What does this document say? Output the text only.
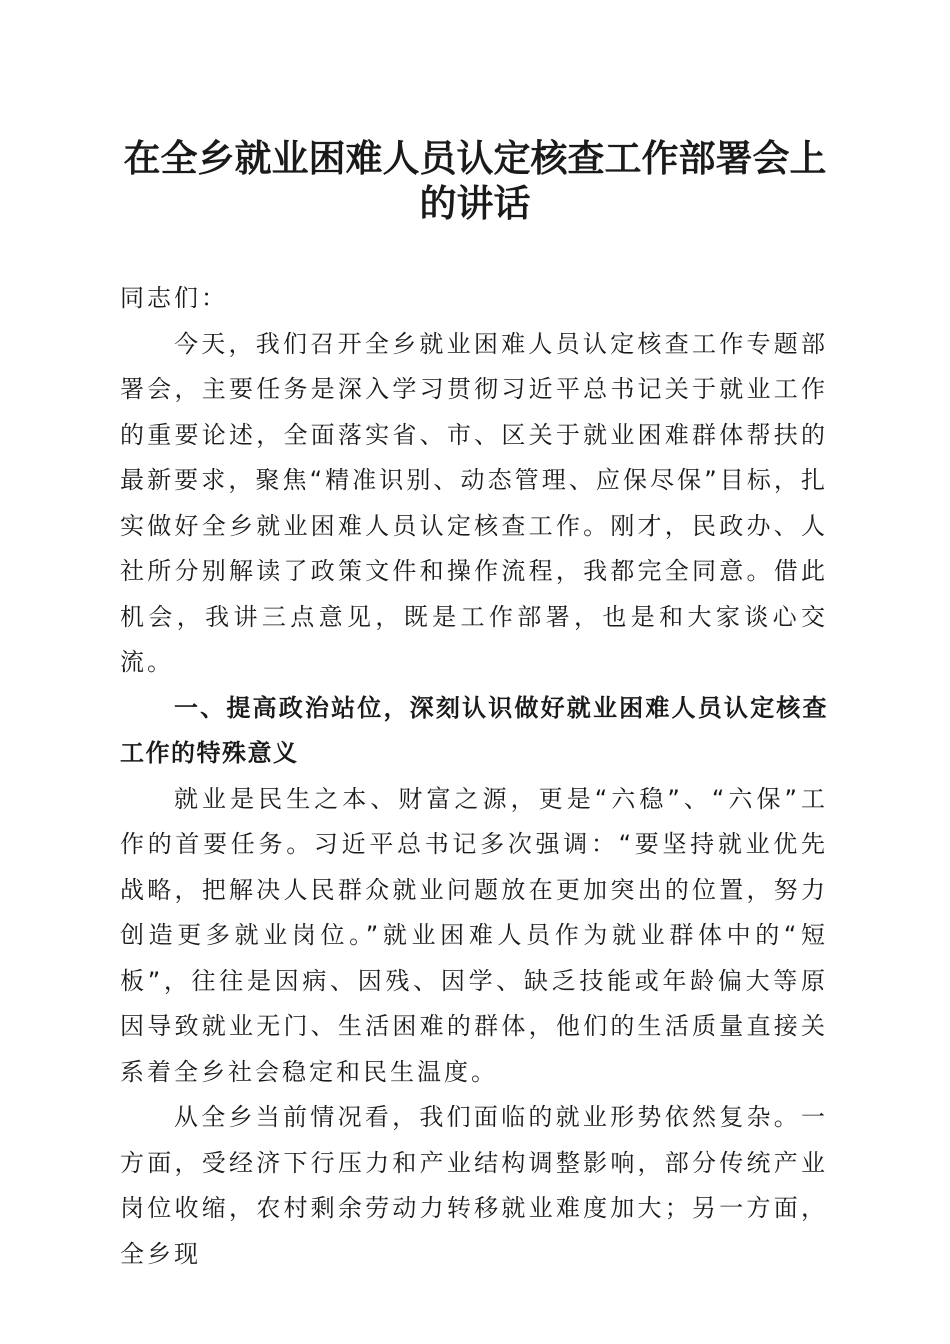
在全乡就业困难人员认定核查工作部署会上的讲话

同志们：

今天，我们召开全乡就业困难人员认定核查工作专题部署会，主要任务是深入学习贯彻习近平总书记关于就业工作的重要论述，全面落实省、市、区关于就业困难群体帮扶的最新要求，聚焦“精准识别、动态管理、应保尽保”目标，扎实做好全乡就业困难人员认定核查工作。刚才，民政办、人社所分别解读了政策文件和操作流程，我都完全同意。借此机会，我讲三点意见，既是工作部署，也是和大家谈心交流。

一、提高政治站位，深刻认识做好就业困难人员认定核查工作的特殊意义

就业是民生之本、财富之源，更是“六稳”、“六保”工作的首要任务。习近平总书记多次强调：“要坚持就业优先战略，把解决人民群众就业问题放在更加突出的位置，努力创造更多就业岗位。”就业困难人员作为就业群体中的“短板”，往往是因病、因残、因学、缺乏技能或年龄偏大等原因导致就业无门、生活困难的群体，他们的生活质量直接关系着全乡社会稳定和民生温度。

从全乡当前情况看，我们面临的就业形势依然复杂。一方面，受经济下行压力和产业结构调整影响，部分传统产业岗位收缩，农村剩余劳动力转移就业难度加大；另一方面，全乡现
